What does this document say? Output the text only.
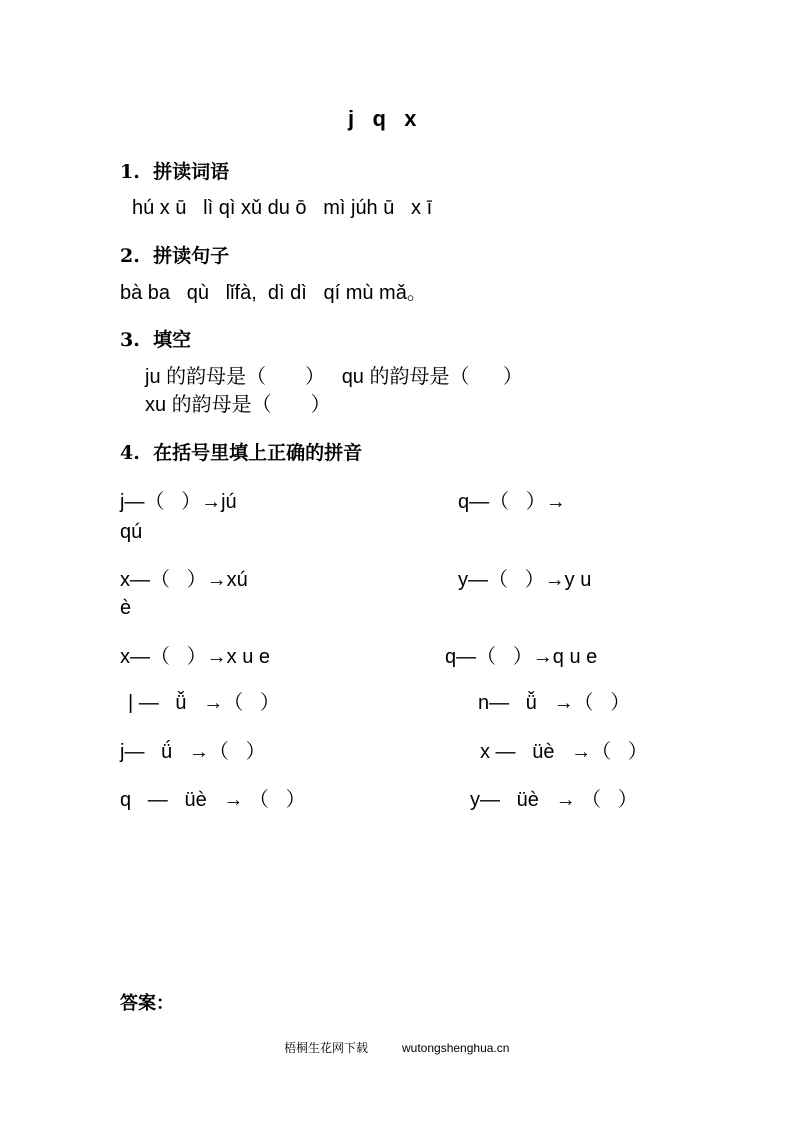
j   q   x
1.  拼读词语
hú x ū   lì qì xǔ du ō   mì júh ū   x ī
2.  拼读句子
bà ba   qù   lǐfà,  dì dì   qí mù mǎ。
3.  填空
ju 的韵母是（       ）   qu 的韵母是（      ）
xu 的韵母是（       ）
4.  在括号里填上正确的拼音
j—（   ）→jú	q—（   ）→
qú
x—（   ）→xú	y—（   ）→y u
è
x—（   ）→x u e	q—（   ）→q u e
| —   ǚ   →（   ）	n—   ǚ   →（   ）
j—   ǘ   →（   ）	x —   üè   →（   ）
q   —   üè   → （   ）	y—   üè   → （   ）
答案：
梧桐生花网下载	wutongshenghua.cn
